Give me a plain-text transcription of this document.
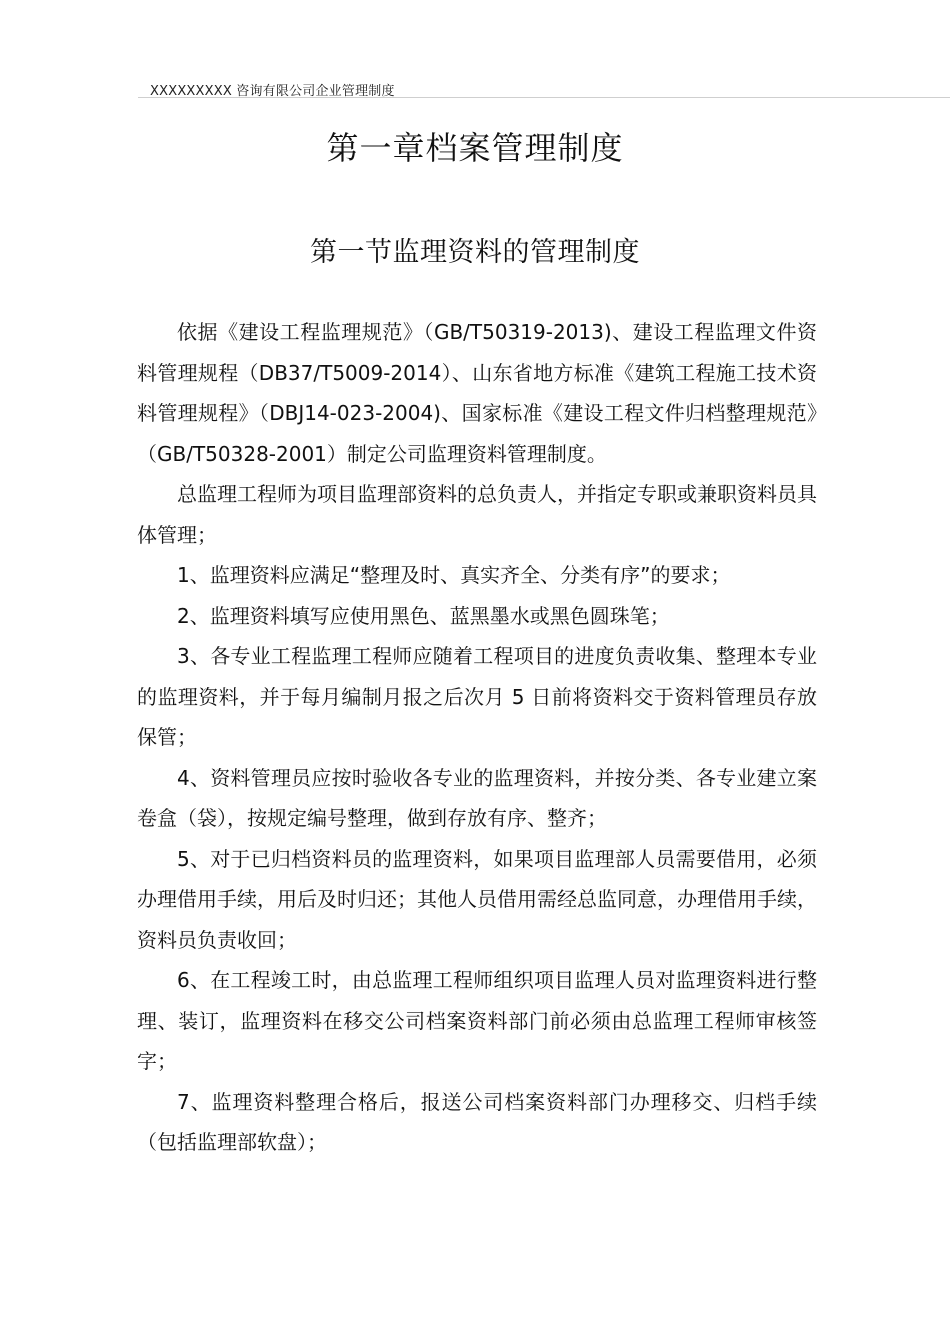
XXXXXXXXX 咨询有限公司企业管理制度
第一章档案管理制度
第一节监理资料的管理制度

依据《建设工程监理规范》（GB/T50319-2013)、建设工程监理文件资料管理规程（DB37/T5009-2014）、山东省地方标准《建筑工程施工技术资料管理规程》（DBJ14-023-2004)、国家标准《建设工程文件归档整理规范》（GB/T50328-2001）制定公司监理资料管理制度。

总监理工程师为项目监理部资料的总负责人，并指定专职或兼职资料员具体管理；

1、监理资料应满足“整理及时、真实齐全、分类有序”的要求；

2、监理资料填写应使用黑色、蓝黑墨水或黑色圆珠笔；

3、各专业工程监理工程师应随着工程项目的进度负责收集、整理本专业的监理资料，并于每月编制月报之后次月 5 日前将资料交于资料管理员存放保管；

4、资料管理员应按时验收各专业的监理资料，并按分类、各专业建立案卷盒（袋），按规定编号整理，做到存放有序、整齐；

5、对于已归档资料员的监理资料，如果项目监理部人员需要借用，必须办理借用手续，用后及时归还；其他人员借用需经总监同意，办理借用手续，资料员负责收回；

6、在工程竣工时，由总监理工程师组织项目监理人员对监理资料进行整理、装订，监理资料在移交公司档案资料部门前必须由总监理工程师审核签字；

7、监理资料整理合格后，报送公司档案资料部门办理移交、归档手续（包括监理部软盘）；
